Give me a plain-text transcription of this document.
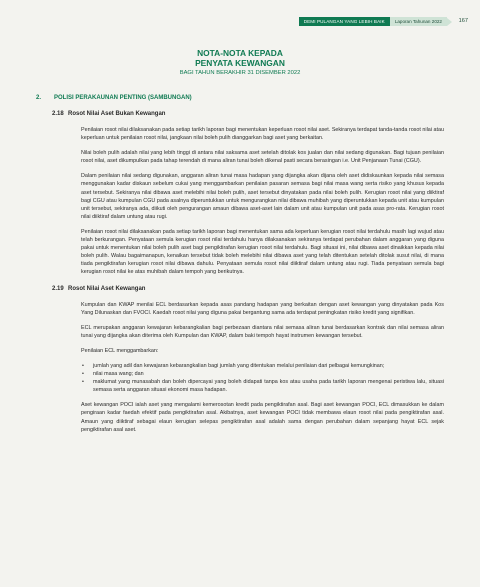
DEMI PULANGAN YANG LEBIH BAIK	Laporan Tahunan 2022	167
NOTA-NOTA KEPADA
PENYATA KEWANGAN
BAGI TAHUN BERAKHIR 31 DISEMBER 2022
2. POLISI PERAKAUNAN PENTING (SAMBUNGAN)
2.18 Rosot Nilai Aset Bukan Kewangan
Penilaian rosot nilai dilaksanakan pada setiap tarikh laporan bagi menentukan keperluan rosot nilai aset. Sekiranya terdapat tanda-tanda rosot nilai atau keperluan untuk penilaian rosot nilai, jangkaan nilai boleh pulih dianggarkan bagi aset yang berkaitan.
Nilai boleh pulih adalah nilai yang lebih tinggi di antara nilai saksama aset setelah ditolak kos jualan dan nilai sedang digunakan. Bagi tujuan penilaian rosot nilai, aset dikumpulkan pada tahap terendah di mana aliran tunai boleh dikenal pasti secara berasingan i.e. Unit Penjanaan Tunai (CGU).
Dalam penilaian nilai sedang digunakan, anggaran aliran tunai masa hadapan yang dijangka akan dijana oleh aset didiskaunkan kepada nilai semasa menggunakan kadar diskaun sebelum cukai yang menggambarkan penilaian pasaran semasa bagi nilai masa wang serta risiko yang khusus kepada aset tersebut. Sekiranya nilai dibawa aset melebihi nilai boleh pulih, aset tersebut dinyatakan pada nilai boleh pulih. Kerugian rosot nilai yang diiktiraf bagi CGU atau kumpulan CGU pada asalnya diperuntukkan untuk mengurangkan nilai dibawa muhibah yang diperuntukkan kepada unit atau kumpulan unit tersebut, sekiranya ada, diikuti oleh pengurangan amaun dibawa aset-aset lain dalam unit atau kumpulan unit pada asas pro-rata. Kerugian rosot nilai diiktiraf dalam untung atau rugi.
Penilaian rosot nilai dilaksanakan pada setiap tarikh laporan bagi menentukan sama ada keperluan kerugian rosot nilai terdahulu masih lagi wujud atau telah berkurangan. Penyataan semula kerugian rosot nilai terdahulu hanya dilaksanakan sekiranya terdapat perubahan dalam anggaran yang diguna pakai untuk menentukan nilai boleh pulih aset bagi pengiktirafan kerugian rosot nilai terdahulu. Bagi situasi ini, nilai dibawa aset dinaikkan kepada nilai boleh pulih. Walau bagaimanapun, kenaikan tersebut tidak boleh melebihi nilai dibawa aset yang telah ditentukan setelah ditolak susut nilai, di mana tiada pengiktirafan kerugian rosot nilai dibawa dahulu. Penyataan semula rosot nilai diiktiraf dalam untung atau rugi. Tiada penyataan semula bagi kerugian rosot nilai ke atas muhibah dalam tempoh yang berikutnya.
2.19 Rosot Nilai Aset Kewangan
Kumpulan dan KWAP menilai ECL berdasarkan kepada asas pandang hadapan yang berkaitan dengan aset kewangan yang dinyatakan pada Kos Yang Dilunaskan dan FVOCI. Kaedah rosot nilai yang diguna pakai bergantung sama ada terdapat peningkatan risiko kredit yang signifikan.
ECL merupakan anggaran kewajaran kebarangkalian bagi perbezaan diantara nilai semasa aliran tunai berdasarkan kontrak dan nilai semasa aliran tunai yang dijangka akan diterima oleh Kumpulan dan KWAP, dalam baki tempoh hayat instrumen kewangan tersebut.
Penilaian ECL menggambarkan:
• jumlah yang adil dan kewajaran kebarangkalian bagi jumlah yang ditentukan melalui penilaian dari pelbagai kemungkinan;
• nilai masa wang; dan
• maklumat yang munasabah dan boleh dipercayai yang boleh didapati tanpa kos atau usaha pada tarikh laporan mengenai peristiwa lalu, situasi semasa serta anggaran situasi ekonomi masa hadapan.
Aset kewangan POCI ialah aset yang mengalami kemerosotan kredit pada pengiktirafan asal. Bagi aset kewangan POCI, ECL dimasukkan ke dalam pengiraan kadar faedah efektif pada pengiktirafan asal. Akibatnya, aset kewangan POCI tidak membawa elaun rosot nilai pada pengiktirafan asal. Amaun yang diiktiraf sebagai elaun kerugian selepas pengiktirafan asal adalah sama dengan perubahan dalam sepanjang hayat ECL sejak pengiktirafan asal aset.
